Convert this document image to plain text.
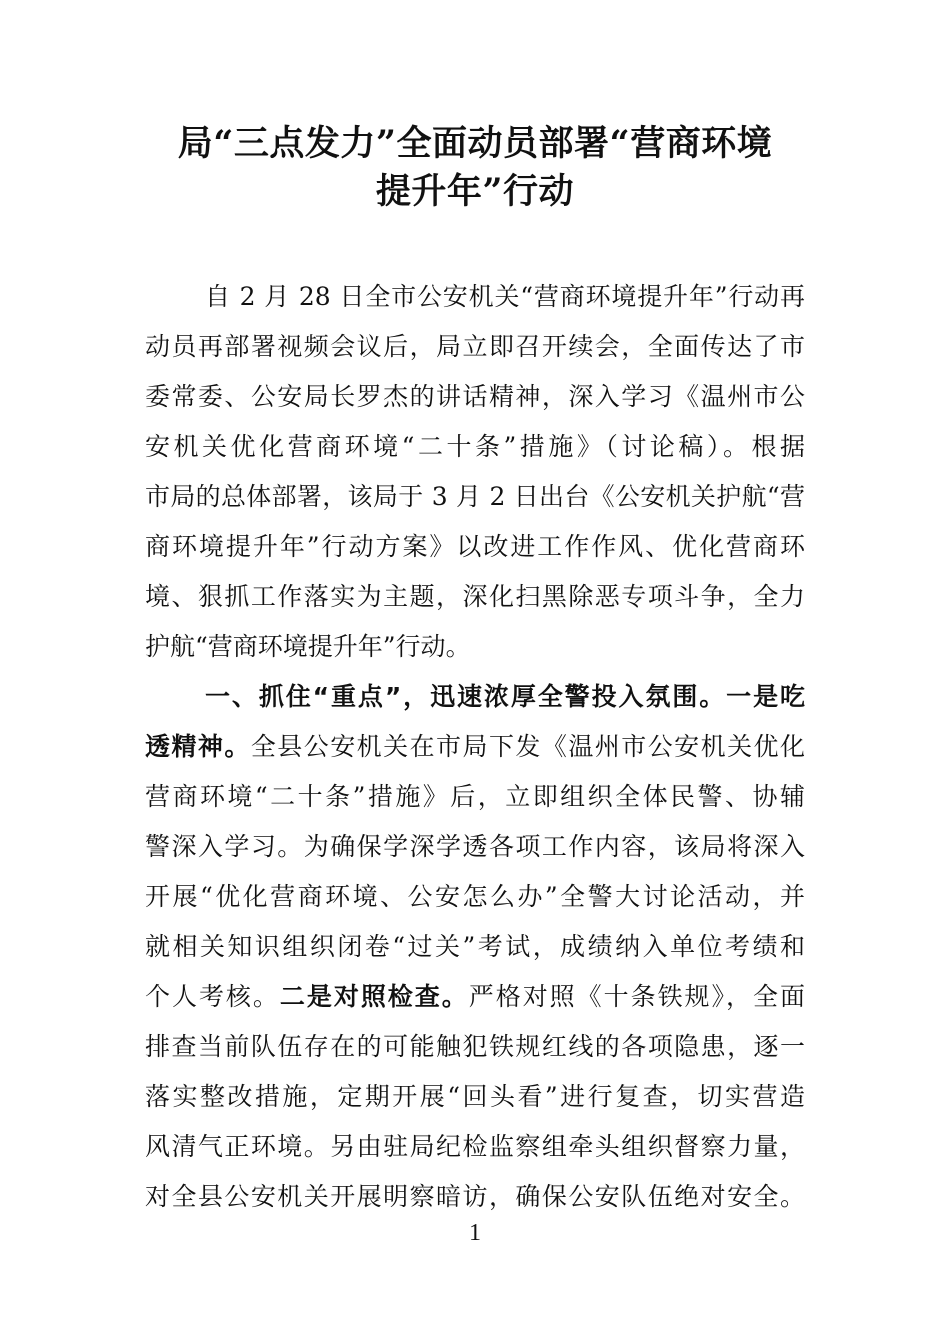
局“三点发力”全面动员部署“营商环境
提升年”行动
自 2 月 28 日全市公安机关“营商环境提升年”行动再
动员再部署视频会议后，局立即召开续会，全面传达了市
委常委、公安局长罗杰的讲话精神，深入学习《温州市公
安机关优化营商环境“二十条”措施》（讨论稿）。根据
市局的总体部署，该局于 3 月 2 日出台《公安机关护航“营
商环境提升年”行动方案》以改进工作作风、优化营商环
境、狠抓工作落实为主题，深化扫黑除恶专项斗争，全力
护航“营商环境提升年”行动。
一、抓住“重点”，迅速浓厚全警投入氛围。一是吃
透精神。全县公安机关在市局下发《温州市公安机关优化
营商环境“二十条”措施》后，立即组织全体民警、协辅
警深入学习。为确保学深学透各项工作内容，该局将深入
开展“优化营商环境、公安怎么办”全警大讨论活动，并
就相关知识组织闭卷“过关”考试，成绩纳入单位考绩和
个人考核。二是对照检查。严格对照《十条铁规》，全面
排查当前队伍存在的可能触犯铁规红线的各项隐患，逐一
落实整改措施，定期开展“回头看”进行复查，切实营造
风清气正环境。另由驻局纪检监察组牵头组织督察力量，
对全县公安机关开展明察暗访，确保公安队伍绝对安全。
1
